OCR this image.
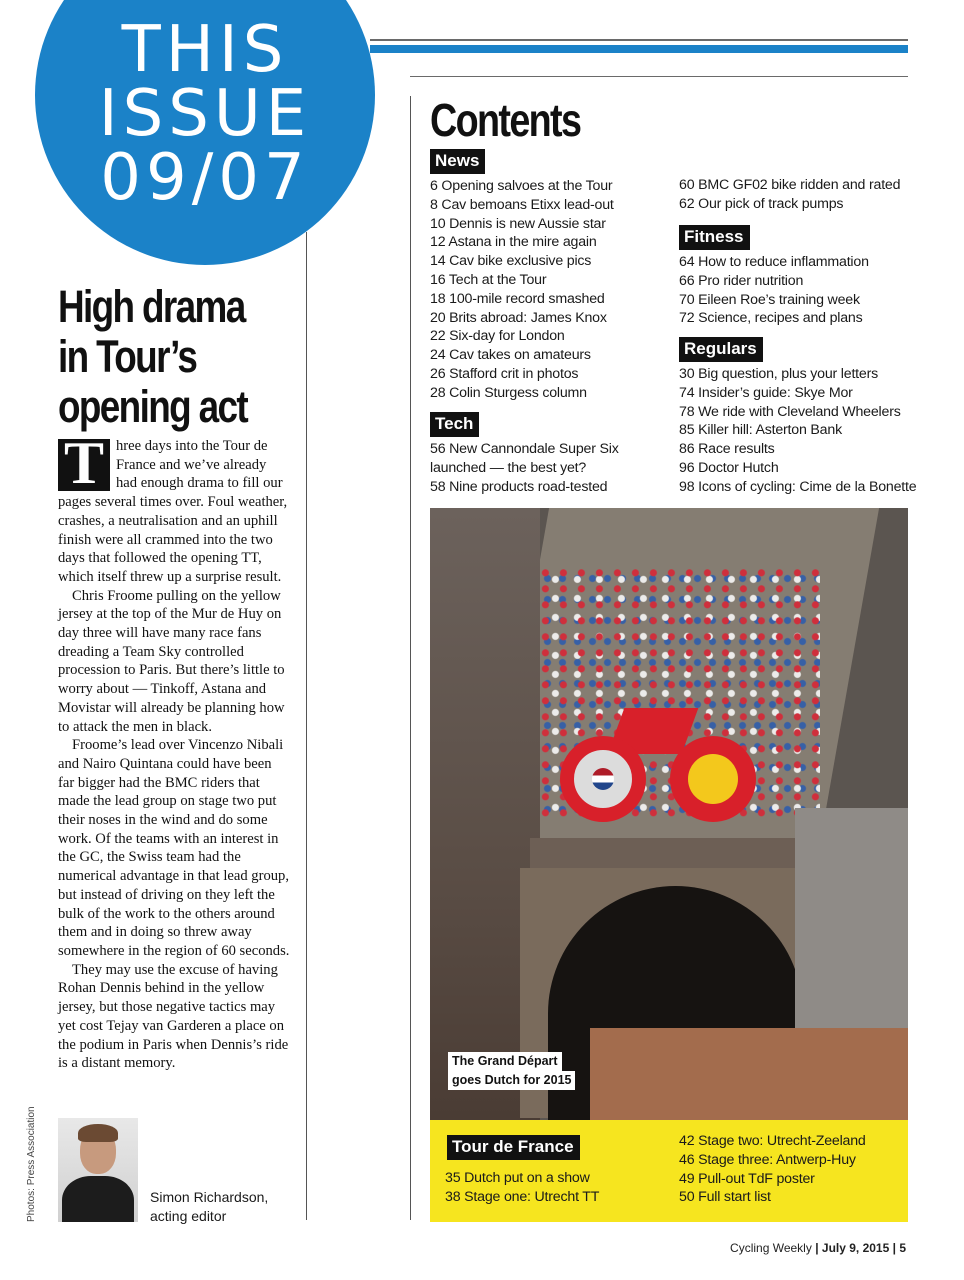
THIS
ISSUE
09/07
High drama in Tour’s opening act

T hree days into the Tour de France and we’ve already had enough drama to fill our pages several times over. Foul weather, crashes, a neutralisation and an uphill finish were all crammed into the two days that followed the opening TT, which itself threw up a surprise result.

Chris Froome pulling on the yellow jersey at the top of the Mur de Huy on day three will have many race fans dreading a Team Sky controlled procession to Paris. But there’s little to worry about — Tinkoff, Astana and Movistar will already be planning how to attack the men in black.

Froome’s lead over Vincenzo Nibali and Nairo Quintana could have been far bigger had the BMC riders that made the lead group on stage two put their noses in the wind and do some work. Of the teams with an interest in the GC, the Swiss team had the numerical advantage in that lead group, but instead of driving on they left the bulk of the work to the others around them and in doing so threw away somewhere in the region of 60 seconds.

They may use the excuse of having Rohan Dennis behind in the yellow jersey, but those negative tactics may yet cost Tejay van Garderen a place on the podium in Paris when Dennis’s ride is a distant memory.

Photos: Press Association	Simon Richardson,
acting editor
Contents
News
6 Opening salvoes at the Tour
8 Cav bemoans Etixx lead-out
10 Dennis is new Aussie star
12 Astana in the mire again
14 Cav bike exclusive pics
16 Tech at the Tour
18 100-mile record smashed
20 Brits abroad: James Knox
22 Six-day for London
24 Cav takes on amateurs
26 Stafford crit in photos
28 Colin Sturgess column
Tech
56 New Cannondale Super Six
launched — the best yet?
58 Nine products road-tested
60 BMC GF02 bike ridden and rated
62 Our pick of track pumps
Fitness
64 How to reduce inflammation
66 Pro rider nutrition
70 Eileen Roe’s training week
72 Science, recipes and plans
Regulars
30 Big question, plus your letters
74 Insider’s guide: Skye Mor
78 We ride with Cleveland Wheelers
85 Killer hill: Asterton Bank
86 Race results
96 Doctor Hutch
98 Icons of cycling: Cime de la Bonette
The Grand Départ
goes Dutch for 2015
Tour de France
35 Dutch put on a show
38 Stage one: Utrecht TT
42 Stage two: Utrecht-Zeeland
46 Stage three: Antwerp-Huy
49 Pull-out TdF poster
50 Full start list
Cycling Weekly | July 9, 2015 | 5
